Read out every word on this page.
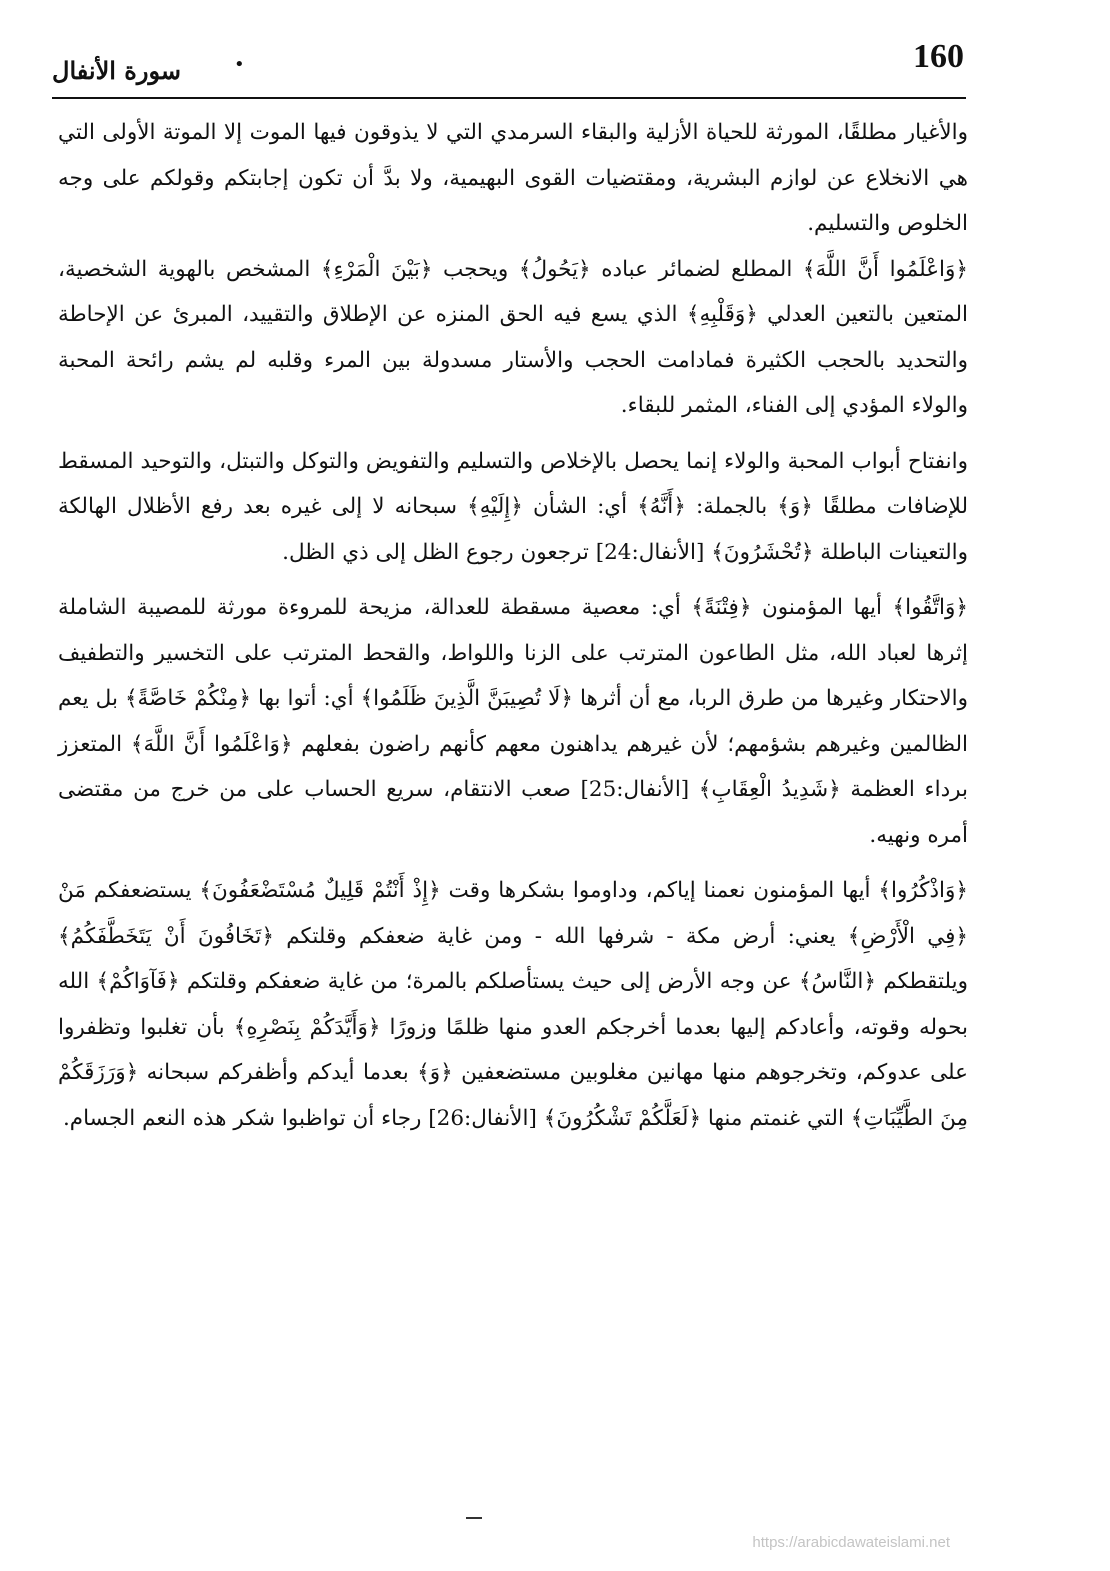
160
•
سورة الأنفال

والأغيار مطلقًا، المورثة للحياة الأزلية والبقاء السرمدي التي لا يذوقون فيها الموت إلا الموتة الأولى التي هي الانخلاع عن لوازم البشرية، ومقتضيات القوى البهيمية، ولا بدَّ أن تكون إجابتكم وقولكم على وجه الخلوص والتسليم.

﴿وَاعْلَمُوا أَنَّ اللَّهَ﴾ المطلع لضمائر عباده ﴿يَحُولُ﴾ ويحجب ﴿بَيْنَ الْمَرْءِ﴾ المشخص بالهوية الشخصية، المتعين بالتعين العدلي ﴿وَقَلْبِهِ﴾ الذي يسع فيه الحق المنزه عن الإطلاق والتقييد، المبرئ عن الإحاطة والتحديد بالحجب الكثيرة فمادامت الحجب والأستار مسدولة بين المرء وقلبه لم يشم رائحة المحبة والولاء المؤدي إلى الفناء، المثمر للبقاء.

وانفتاح أبواب المحبة والولاء إنما يحصل بالإخلاص والتسليم والتفويض والتوكل والتبتل، والتوحيد المسقط للإضافات مطلقًا ﴿وَ﴾ بالجملة: ﴿أَنَّهُ﴾ أي: الشأن ﴿إِلَيْهِ﴾ سبحانه لا إلى غيره بعد رفع الأظلال الهالكة والتعينات الباطلة ﴿تُحْشَرُونَ﴾ [الأنفال:24] ترجعون رجوع الظل إلى ذي الظل.

﴿وَاتَّقُوا﴾ أيها المؤمنون ﴿فِتْنَةً﴾ أي: معصية مسقطة للعدالة، مزيحة للمروءة مورثة للمصيبة الشاملة إثرها لعباد الله، مثل الطاعون المترتب على الزنا واللواط، والقحط المترتب على التخسير والتطفيف والاحتكار وغيرها من طرق الربا، مع أن أثرها ﴿لَا تُصِيبَنَّ الَّذِينَ ظَلَمُوا﴾ أي: أتوا بها ﴿مِنْكُمْ خَاصَّةً﴾ بل يعم الظالمين وغيرهم بشؤمهم؛ لأن غيرهم يداهنون معهم كأنهم راضون بفعلهم ﴿وَاعْلَمُوا أَنَّ اللَّهَ﴾ المتعزز برداء العظمة ﴿شَدِيدُ الْعِقَابِ﴾ [الأنفال:25] صعب الانتقام، سريع الحساب على من خرج من مقتضى أمره ونهيه.

﴿وَاذْكُرُوا﴾ أيها المؤمنون نعمنا إياكم، وداوموا بشكرها وقت ﴿إِذْ أَنْتُمْ قَلِيلٌ مُسْتَضْعَفُونَ﴾ يستضعفكم مَنْ ﴿فِي الْأَرْضِ﴾ يعني: أرض مكة - شرفها الله - ومن غاية ضعفكم وقلتكم ﴿تَخَافُونَ أَنْ يَتَخَطَّفَكُمُ﴾ ويلتقطكم ﴿النَّاسُ﴾ عن وجه الأرض إلى حيث يستأصلكم بالمرة؛ من غاية ضعفكم وقلتكم ﴿فَآوَاكُمْ﴾ الله بحوله وقوته، وأعادكم إليها بعدما أخرجكم العدو منها ظلمًا وزورًا ﴿وَأَيَّدَكُمْ بِنَصْرِهِ﴾ بأن تغلبوا وتظفروا على عدوكم، وتخرجوهم منها مهانين مغلوبين مستضعفين ﴿وَ﴾ بعدما أيدكم وأظفركم سبحانه ﴿وَرَزَقَكُمْ مِنَ الطَّيِّبَاتِ﴾ التي غنمتم منها ﴿لَعَلَّكُمْ تَشْكُرُونَ﴾ [الأنفال:26] رجاء أن تواظبوا شكر هذه النعم الجسام.

https://arabicdawateislami.net
